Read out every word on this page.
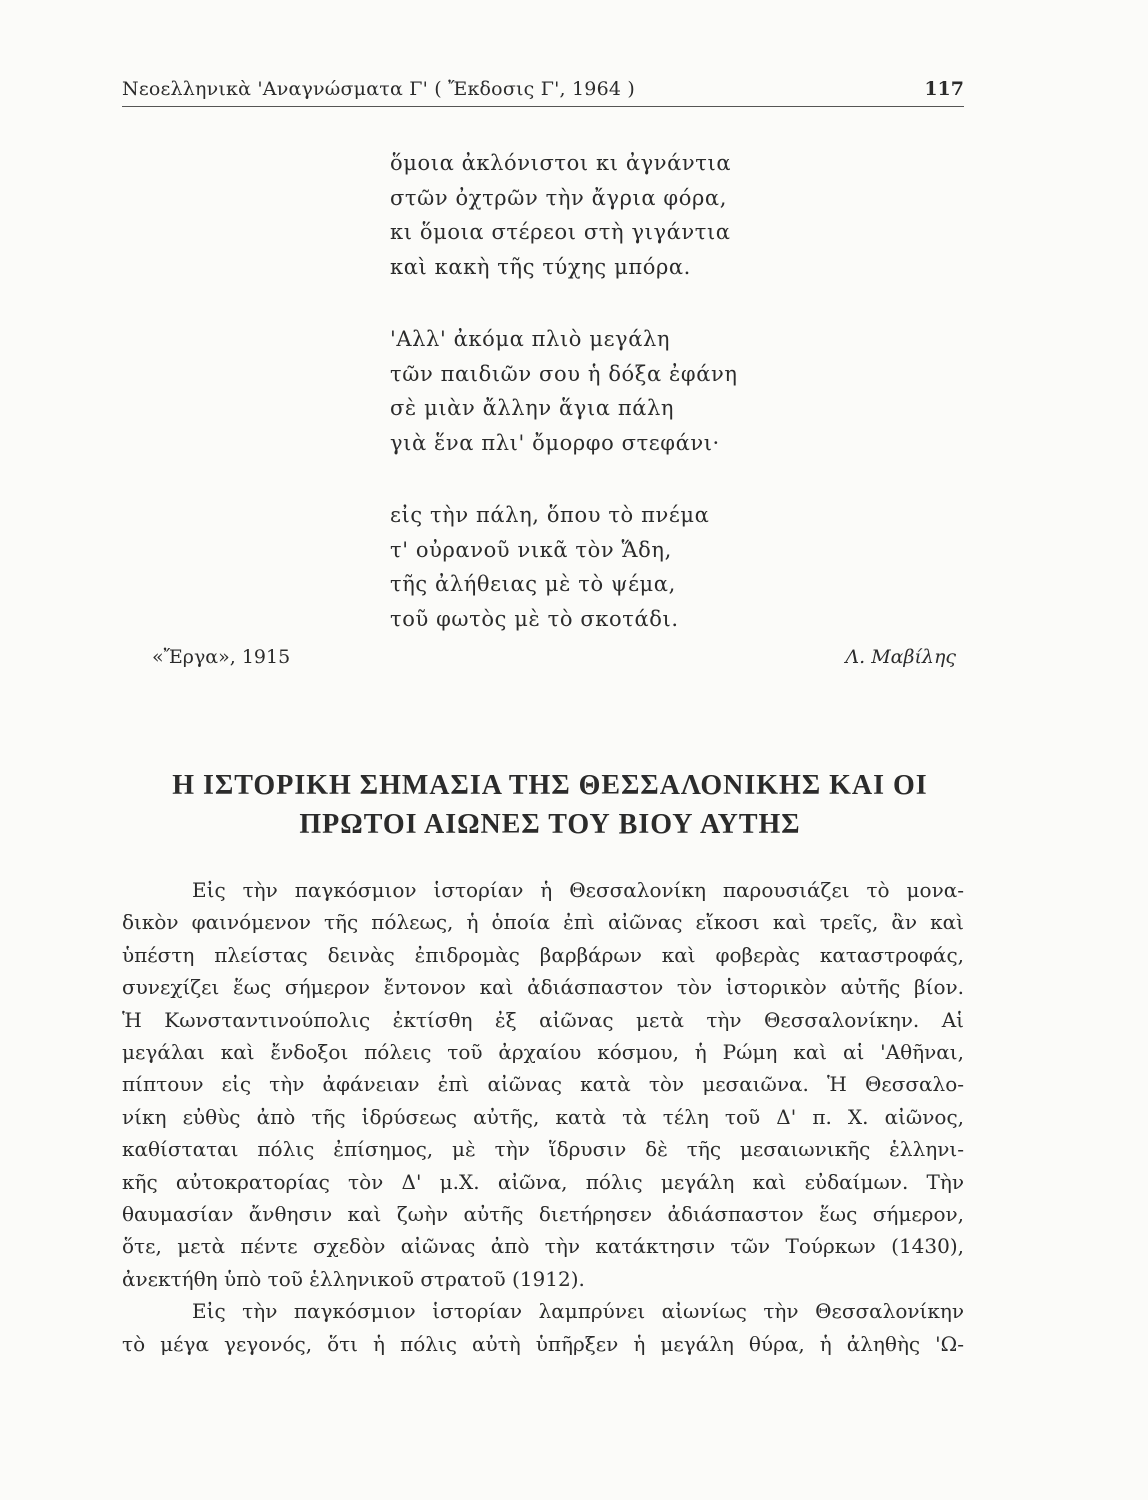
Νεοελληνικὰ 'Αναγνώσματα Γ' ( Ἔκδοσις Γ', 1964 )	117
ὅμοια ἀκλόνιστοι κι ἀγνάντια
στῶν ὀχτρῶν τὴν ἄγρια φόρα,
κι ὅμοια στέρεοι στὴ γιγάντια
καὶ κακὴ τῆς τύχης μπόρα.
'Αλλ' ἀκόμα πλιὸ μεγάλη
τῶν παιδιῶν σου ἡ δόξα ἐφάνη
σὲ μιὰν ἄλλην ἅγια πάλη
γιὰ ἕνα πλι' ὄμορφο στεφάνι·
εἰς τὴν πάλη, ὅπου τὸ πνέμα
τ' οὐρανοῦ νικᾶ τὸν Ἅδη,
τῆς ἀλήθειας μὲ τὸ ψέμα,
τοῦ φωτὸς μὲ τὸ σκοτάδι.
«Ἔργα», 1915	Λ. Μαβίλης
Η ΙΣΤΟΡΙΚΗ ΣΗΜΑΣΙΑ ΤΗΣ ΘΕΣΣΑΛΟΝΙΚΗΣ ΚΑΙ ΟΙ
ΠΡΩΤΟΙ ΑΙΩΝΕΣ ΤΟΥ ΒΙΟΥ ΑΥΤΗΣ
Εἰς τὴν παγκόσμιον ἱστορίαν ἡ Θεσσαλονίκη παρουσιάζει τὸ μονα-
δικὸν φαινόμενον τῆς πόλεως, ἡ ὁποία ἐπὶ αἰῶνας εἴκοσι καὶ τρεῖς, ἂν καὶ
ὑπέστη πλείστας δεινὰς ἐπιδρομὰς βαρβάρων καὶ φοβερὰς καταστροφάς,
συνεχίζει ἕως σήμερον ἔντονον καὶ ἀδιάσπαστον τὸν ἱστορικὸν αὐτῆς βίον.
Ἡ Κωνσταντινούπολις ἐκτίσθη ἐξ αἰῶνας μετὰ τὴν Θεσσαλονίκην. Αἱ
μεγάλαι καὶ ἔνδοξοι πόλεις τοῦ ἀρχαίου κόσμου, ἡ Ρώμη καὶ αἱ 'Αθῆναι,
πίπτουν εἰς τὴν ἀφάνειαν ἐπὶ αἰῶνας κατὰ τὸν μεσαιῶνα. Ἡ Θεσσαλο-
νίκη εὐθὺς ἀπὸ τῆς ἱδρύσεως αὐτῆς, κατὰ τὰ τέλη τοῦ Δ' π. Χ. αἰῶνος,
καθίσταται πόλις ἐπίσημος, μὲ τὴν ἵδρυσιν δὲ τῆς μεσαιωνικῆς ἑλληνι-
κῆς αὐτοκρατορίας τὸν Δ' μ.Χ. αἰῶνα, πόλις μεγάλη καὶ εὐδαίμων. Τὴν
θαυμασίαν ἄνθησιν καὶ ζωὴν αὐτῆς διετήρησεν ἀδιάσπαστον ἕως σήμερον,
ὅτε, μετὰ πέντε σχεδὸν αἰῶνας ἀπὸ τὴν κατάκτησιν τῶν Τούρκων (1430),
ἀνεκτήθη ὑπὸ τοῦ ἑλληνικοῦ στρατοῦ (1912).
Εἰς τὴν παγκόσμιον ἱστορίαν λαμπρύνει αἰωνίως τὴν Θεσσαλονίκην
τὸ μέγα γεγονός, ὅτι ἡ πόλις αὐτὴ ὑπῆρξεν ἡ μεγάλη θύρα, ἡ ἀληθὴς 'Ω-
